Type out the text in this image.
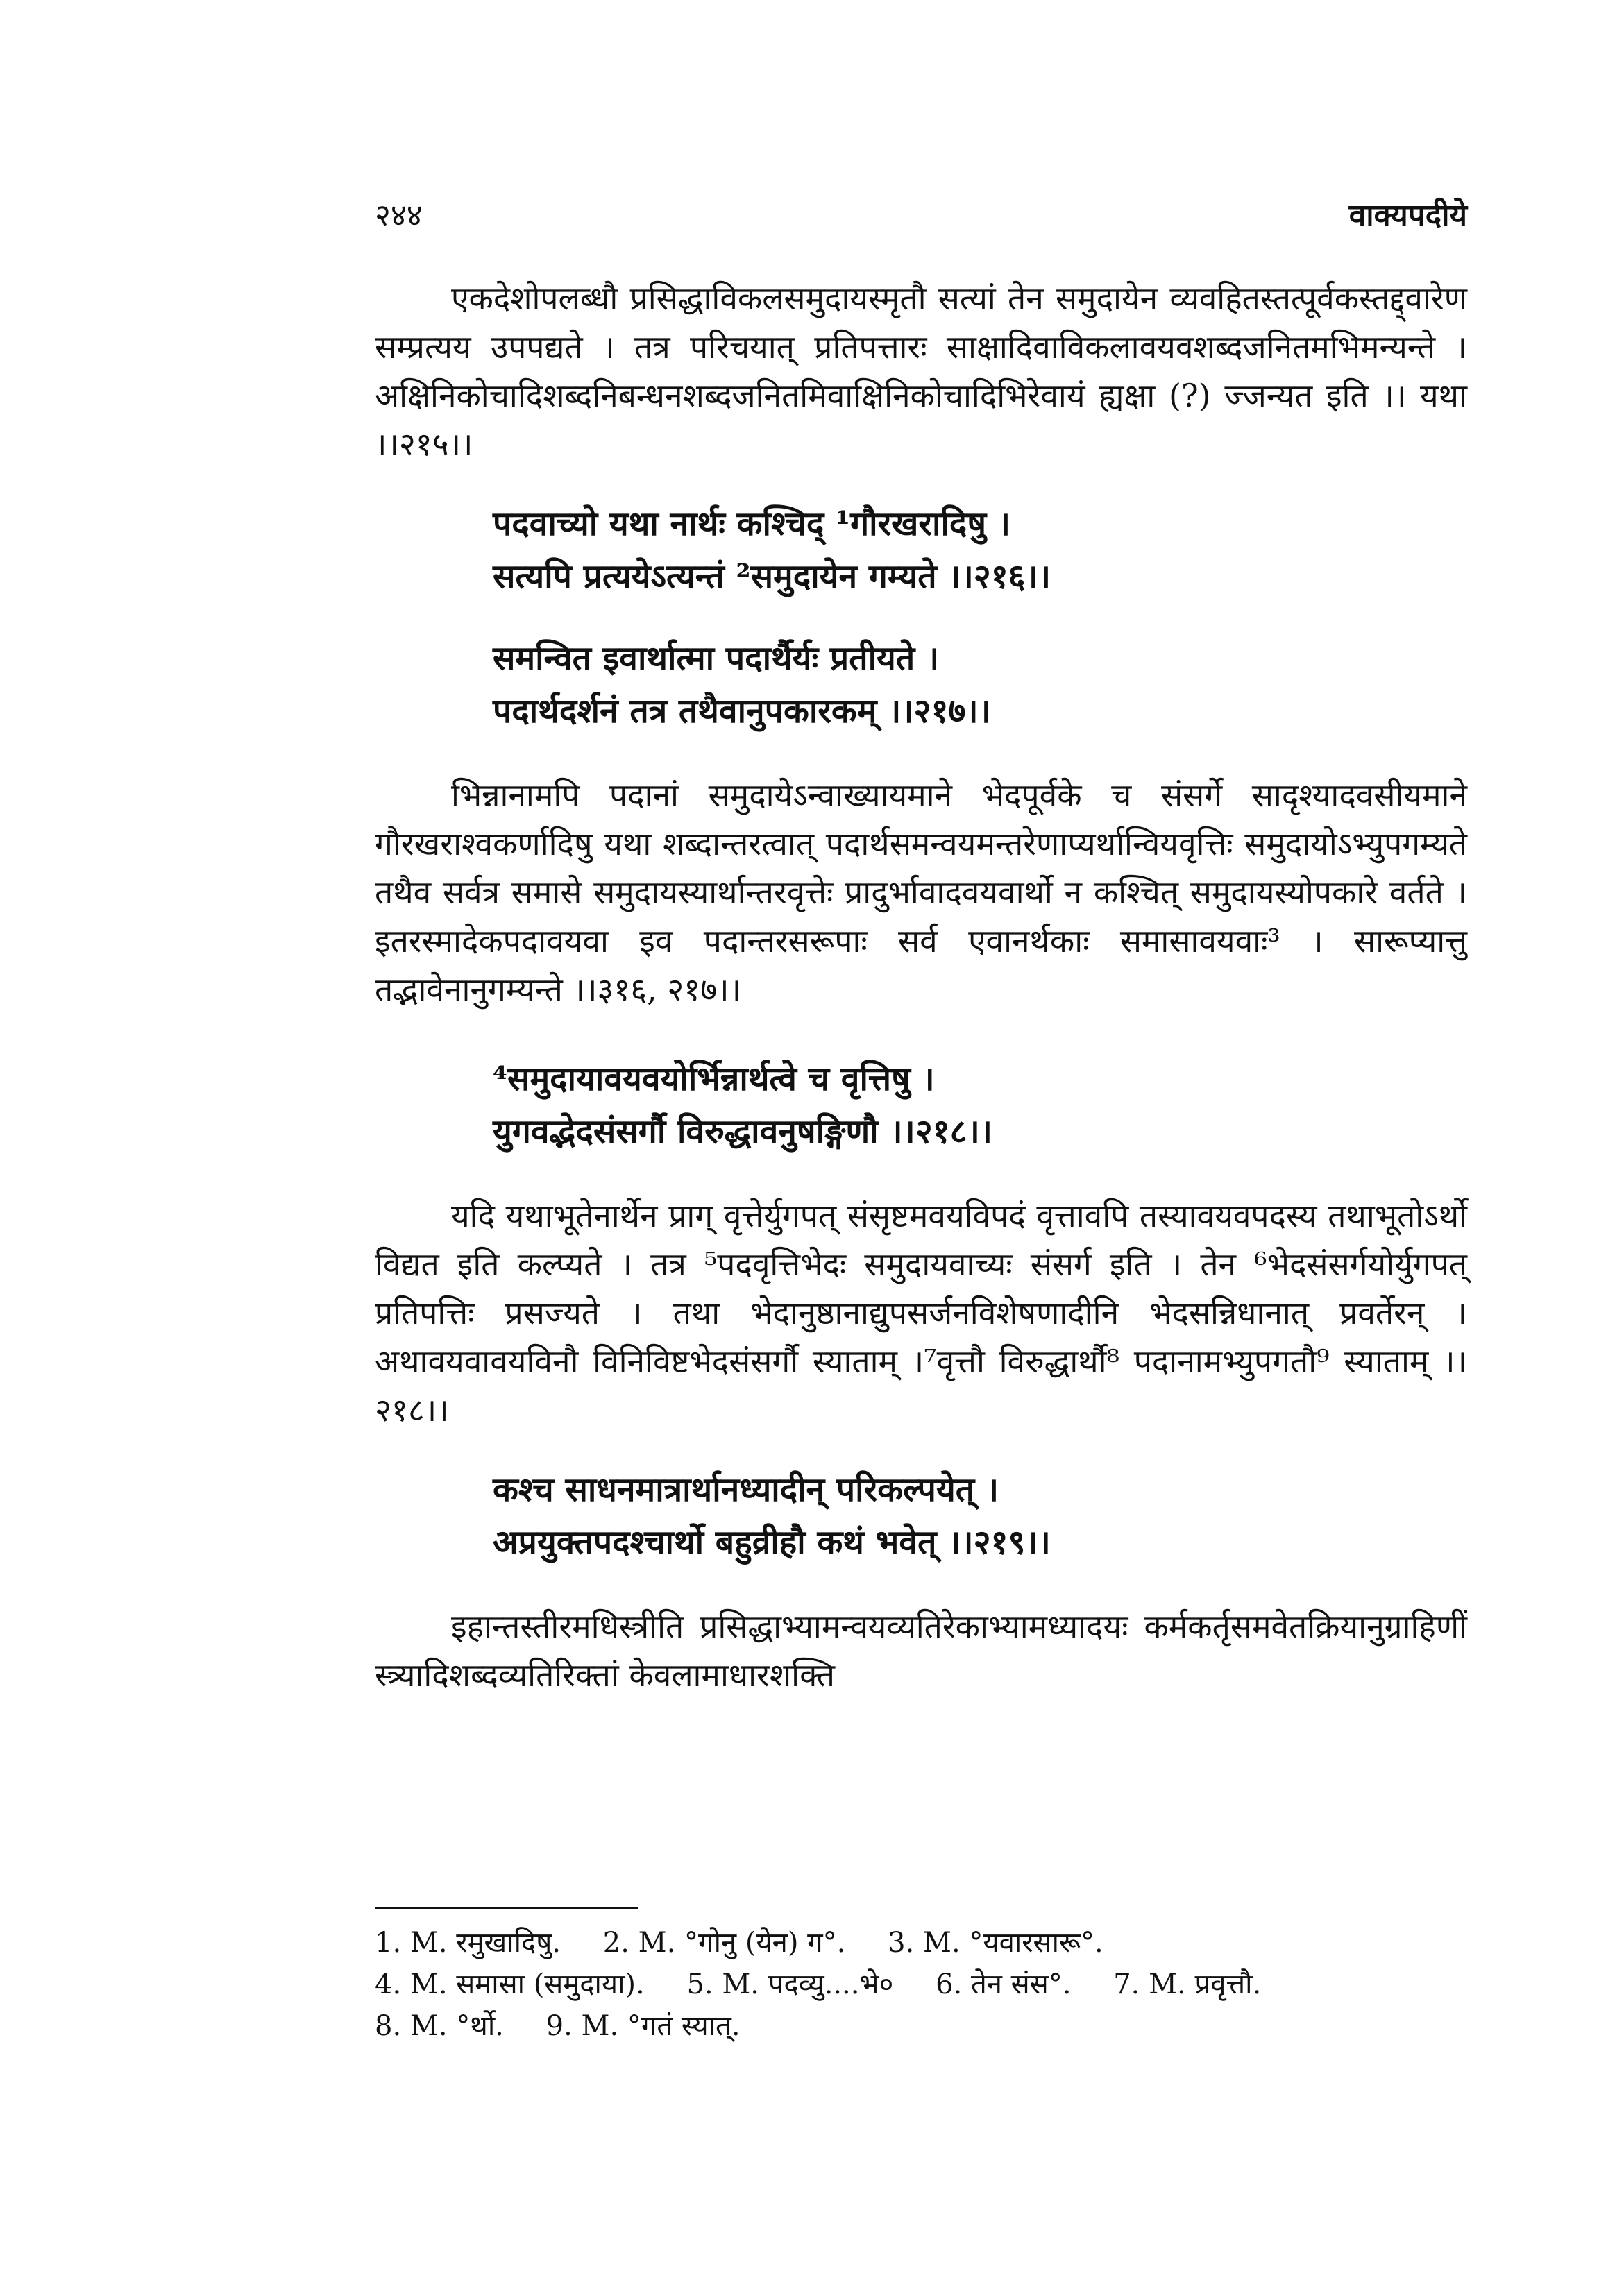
२४४	वाक्यपदीये

एकदेशोपलब्धौ प्रसिद्धाविकलसमुदायस्मृतौ सत्यां तेन समुदायेन व्यवहितस्तत्पूर्वकस्तद्द्वारेण सम्प्रत्यय उपपद्यते । तत्र परिचयात् प्रतिपत्तारः साक्षादिवाविकलावयवशब्दजनितमभिमन्यन्ते । अक्षिनिकोचादिशब्दनिबन्धनशब्दजनितमिवाक्षिनिकोचादिभिरेवायं ह्यक्षा (?) ज्जन्यत इति ।। यथा ।।२१५।।

पदवाच्यो यथा नार्थः कश्चिद् ¹गौरखरादिषु ।
सत्यपि प्रत्ययेऽत्यन्तं ²समुदायेन गम्यते ।।२१६।।
समन्वित इवार्थात्मा पदार्थैर्यः प्रतीयते ।
पदार्थदर्शनं तत्र तथैवानुपकारकम् ।।२१७।।

भिन्नानामपि पदानां समुदायेऽन्वाख्यायमाने भेदपूर्वके च संसर्गे सादृश्यादवसीयमाने गौरखराश्वकर्णादिषु यथा शब्दान्तरत्वात् पदार्थसमन्वयमन्तरेणाप्यर्थान्वियवृत्तिः समुदायोऽभ्युपगम्यते तथैव सर्वत्र समासे समुदायस्यार्थान्तरवृत्तेः प्रादुर्भावादवयवार्थो न कश्चित् समुदायस्योपकारे वर्तते । इतरस्मादेकपदावयवा इव पदान्तरसरूपाः सर्व एवानर्थकाः समासावयवाः³ । सारूप्यात्तु तद्भावेनानुगम्यन्ते ।।३१६, २१७।।

⁴समुदायावयवयोर्भिन्नार्थत्वे च वृत्तिषु ।
युगवद्भेदसंसर्गौ विरुद्धावनुषङ्गिणौ ।।२१८।।

यदि यथाभूतेनार्थेन प्राग् वृत्तेर्युगपत् संसृष्टमवयविपदं वृत्तावपि तस्यावयवपदस्य तथाभूतोऽर्थो विद्यत इति कल्प्यते । तत्र ⁵पदवृत्तिभेदः समुदायवाच्यः संसर्ग इति । तेन ⁶भेदसंसर्गयोर्युगपत् प्रतिपत्तिः प्रसज्यते । तथा भेदानुष्ठानाद्युपसर्जनविशेषणादीनि भेदसन्निधानात् प्रवर्तेरन् । अथावयवावयविनौ विनिविष्टभेदसंसर्गौ स्याताम् ।⁷वृत्तौ विरुद्धार्थौ⁸ पदानामभ्युपगतौ⁹ स्याताम् ।।२१८।।

कश्च साधनमात्रार्थानध्यादीन् परिकल्पयेत् ।
अप्रयुक्तपदश्चार्थो बहुव्रीहौ कथं भवेत् ।।२१९।।

इहान्तस्तीरमधिस्त्रीति प्रसिद्धाभ्यामन्वयव्यतिरेकाभ्यामध्यादयः कर्मकर्तृसमवेतक्रियानुग्राहिणीं स्त्र्यादिशब्दव्यतिरिक्तां केवलामाधारशक्ति

1. M. रमुखादिषु. 2. M. °गोनु (येन) ग°. 3. M. °यवारसारू°.
4. M. समासा (समुदाया). 5. M. पदव्यु....भे० 6. तेन संस°. 7. M. प्रवृत्तौ.
8. M. °र्थो. 9. M. °गतं स्यात्.
